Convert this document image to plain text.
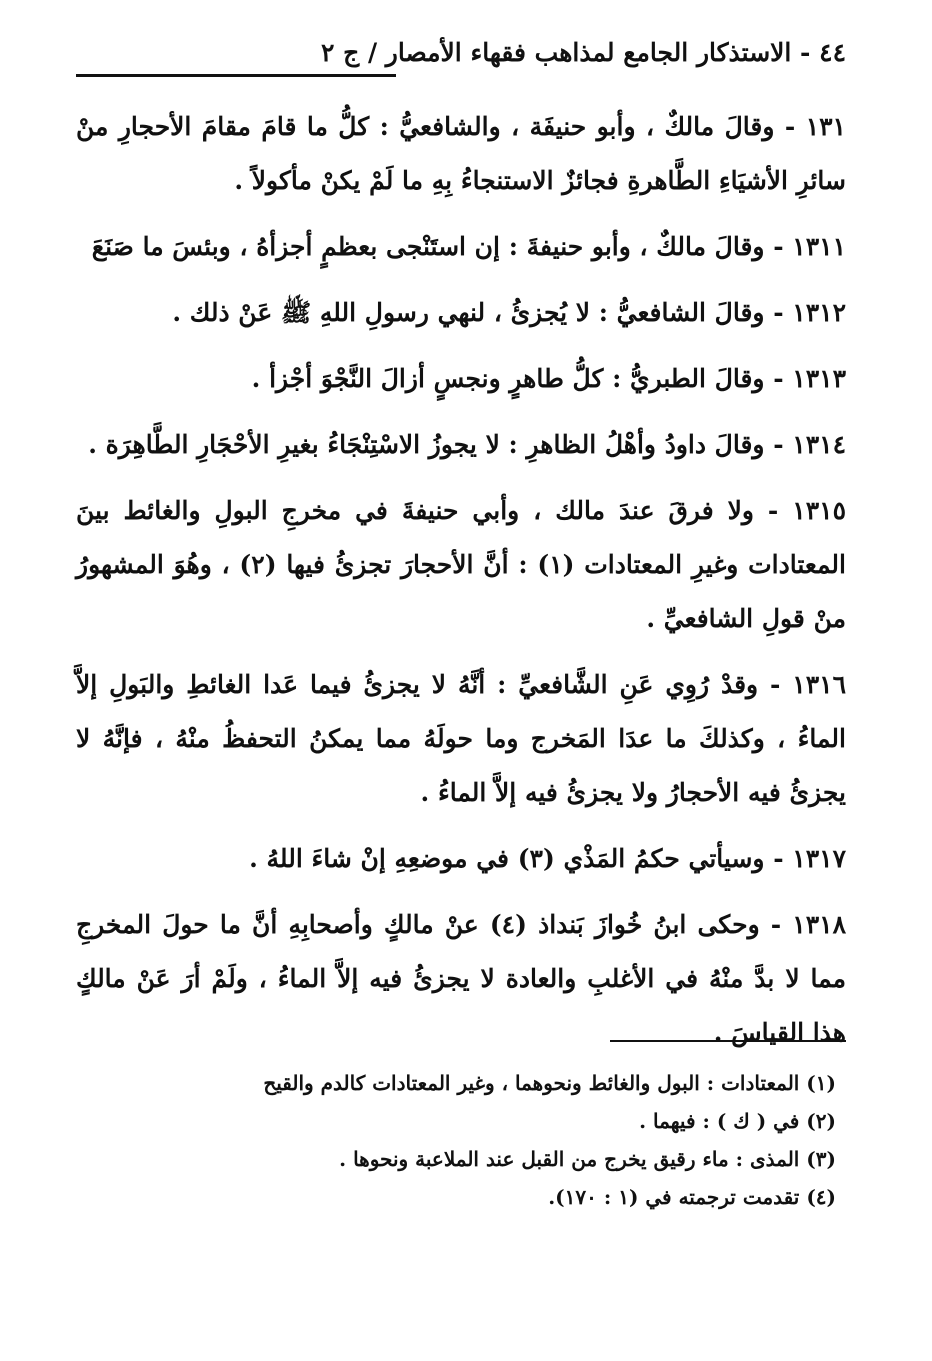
٤٤ - الاستذكار الجامع لمذاهب فقهاء الأمصار / ج ٢

١٣١ - وقالَ مالكٌ ، وأبو حنيفَة ، والشافعيُّ : كلُّ ما قامَ مقامَ الأحجارِ منْ سائرِ الأشيَاءِ الطَّاهرةِ فجائزٌ الاستنجاءُ بِهِ ما لَمْ يكنْ مأكولاً .

١٣١١ - وقالَ مالكٌ ، وأبو حنيفةَ : إن استَنْجى بعظمٍ أجزأهُ ، وبئسَ ما صَنَعَ

١٣١٢ - وقالَ الشافعيُّ : لا يُجزئُ ، لنهي رسولِ اللهِ ﷺ عَنْ ذلك .

١٣١٣ - وقالَ الطبريُّ : كلُّ طاهرٍ ونجسٍ أزالَ النَّجْوَ أجْزأ .

١٣١٤ - وقالَ داودُ وأهْلُ الظاهرِ : لا يجوزُ الاسْتِنْجَاءُ بغيرِ الأحْجَارِ الطَّاهِرَة .

١٣١٥ - ولا فرقَ عندَ مالك ، وأبي حنيفةَ في مخرجِ البولِ والغائط بينَ المعتادات وغيرِ المعتادات (١) : أنَّ الأحجارَ تجزئُ فيها (٢) ، وهُوَ المشهورُ منْ قولِ الشافعيِّ .

١٣١٦ - وقدْ رُوِي عَنِ الشَّافعيِّ : أنَّهُ لا يجزئُ فيما عَدا الغائطِ والبَولِ إلاَّ الماءُ ، وكذلكَ ما عدَا المَخرج وما حولَهُ مما يمكنُ التحفظُ منْهُ ، فإنَّهُ لا يجزئُ فيه الأحجارُ ولا يجزئُ فيه إلاَّ الماءُ .

١٣١٧ - وسيأتي حكمُ المَذْي (٣) في موضعِهِ إنْ شاءَ اللهُ .

١٣١٨ - وحكى ابنُ خُوازَ بَنداذ (٤) عنْ مالكٍ وأصحابِهِ أنَّ ما حولَ المخرجِ مما لا بدَّ منْهُ في الأغلبِ والعادة لا يجزئُ فيه إلاَّ الماءُ ، ولَمْ أرَ عَنْ مالكٍ هذا القياسَ .

(١) المعتادات : البول والغائط ونحوهما ، وغير المعتادات كالدم والقيح
(٢) في ( ك ) : فيهما .
(٣) المذى : ماء رقيق يخرج من القبل عند الملاعبة ونحوها .
(٤) تقدمت ترجمته في (١ : ١٧٠).
